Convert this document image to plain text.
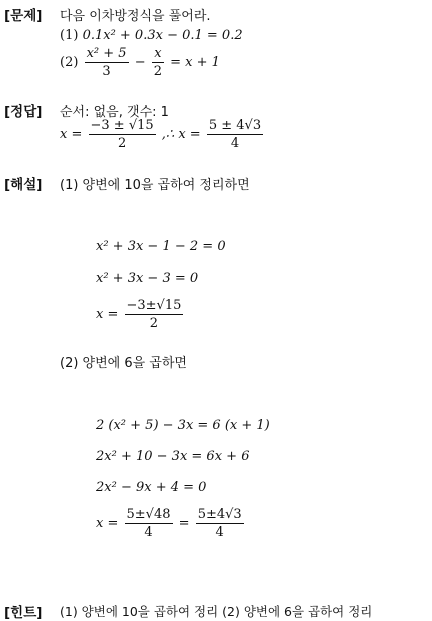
[문제] 다음 이차방정식을 풀어라.
(1) 0.1x² + 0.3x − 0.1 = 0.2
$(2) \frac{\text{x² + 5}}{3} - \frac{x}{2} = x + 1$
[정답] 순서: 없음, 갯수: 1
$x = \frac{-3 \pm √15}{2}$ ,∴ $x = \frac{5 \pm 4√3}{4}$
[해설] (1) 양변에 10을 곱하여 정리하면
x² + 3x − 1 − 2 = 0
x² + 3x − 3 = 0
$x = \frac{-3\pm√15}{2}$
(2) 양변에 6을 곱하면
2 (x² + 5) − 3x = 6 (x + 1)
2x² + 10 − 3x = 6x + 6
2x² − 9x + 4 = 0
$x = \frac{5\pm√48}{4} = \frac{5\pm 4√3}{4}$
[힌트] (1) 양변에 10을 곱하여 정리 (2) 양변에 6을 곱하여 정리
